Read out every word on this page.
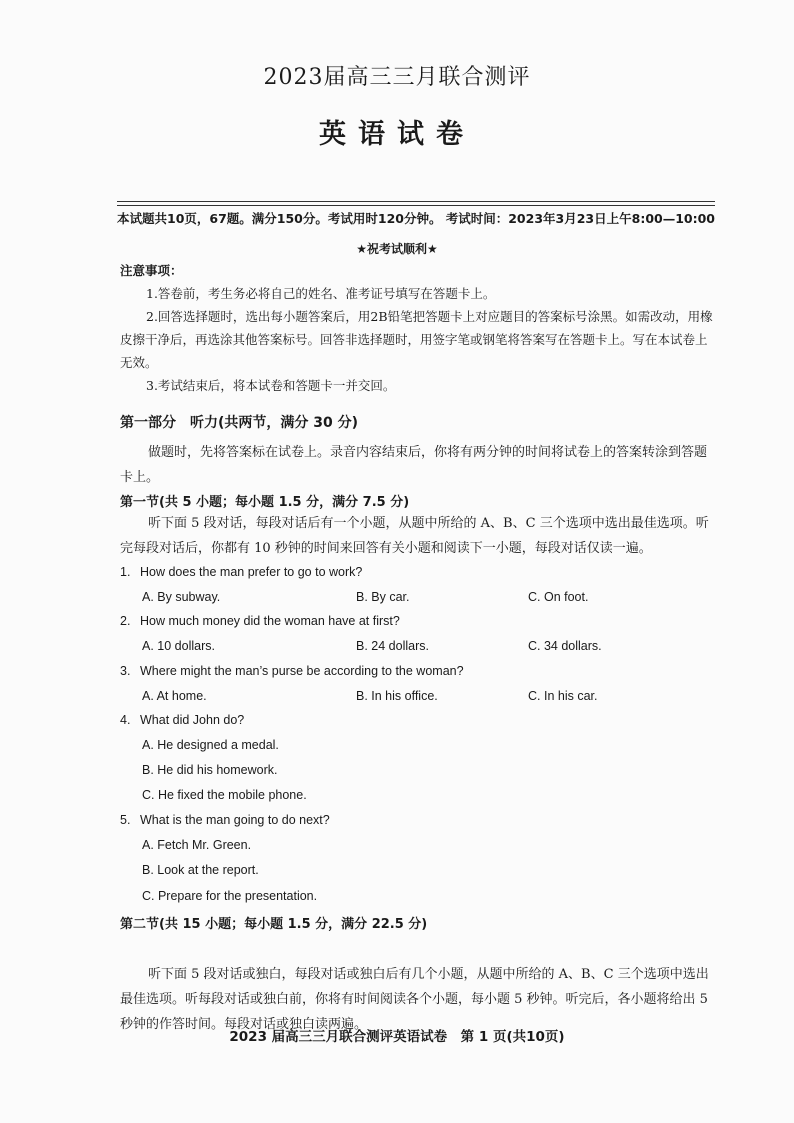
2023届高三三月联合测评
英语试卷
本试题共10页，67题。满分150分。考试用时120分钟。 考试时间：2023年3月23日上午8:00—10:00
★祝考试顺利★
注意事项：
1.答卷前，考生务必将自己的姓名、准考证号填写在答题卡上。
2.回答选择题时，选出每小题答案后，用2B铅笔把答题卡上对应题目的答案标号涂黑。如需改动，用橡皮擦干净后，再选涂其他答案标号。回答非选择题时，用签字笔或钢笔将答案写在答题卡上。写在本试卷上无效。
3.考试结束后，将本试卷和答题卡一并交回。
第一部分　听力(共两节，满分 30 分)
做题时，先将答案标在试卷上。录音内容结束后，你将有两分钟的时间将试卷上的答案转涂到答题卡上。
第一节(共 5 小题；每小题 1.5 分，满分 7.5 分)
听下面 5 段对话，每段对话后有一个小题，从题中所给的 A、B、C 三个选项中选出最佳选项。听完每段对话后，你都有 10 秒钟的时间来回答有关小题和阅读下一小题，每段对话仅读一遍。
1. How does the man prefer to go to work?
A. By subway.	B. By car.	C. On foot.
2. How much money did the woman have at first?
A. 10 dollars.	B. 24 dollars.	C. 34 dollars.
3. Where might the man’s purse be according to the woman?
A. At home.	B. In his office.	C. In his car.
4. What did John do?
A. He designed a medal.
B. He did his homework.
C. He fixed the mobile phone.
5. What is the man going to do next?
A. Fetch Mr. Green.
B. Look at the report.
C. Prepare for the presentation.
第二节(共 15 小题；每小题 1.5 分，满分 22.5 分)
听下面 5 段对话或独白，每段对话或独白后有几个小题，从题中所给的 A、B、C 三个选项中选出最佳选项。听每段对话或独白前，你将有时间阅读各个小题，每小题 5 秒钟。听完后，各小题将给出 5 秒钟的作答时间。每段对话或独白读两遍。
2023 届高三三月联合测评英语试卷　第 1 页(共10页)
